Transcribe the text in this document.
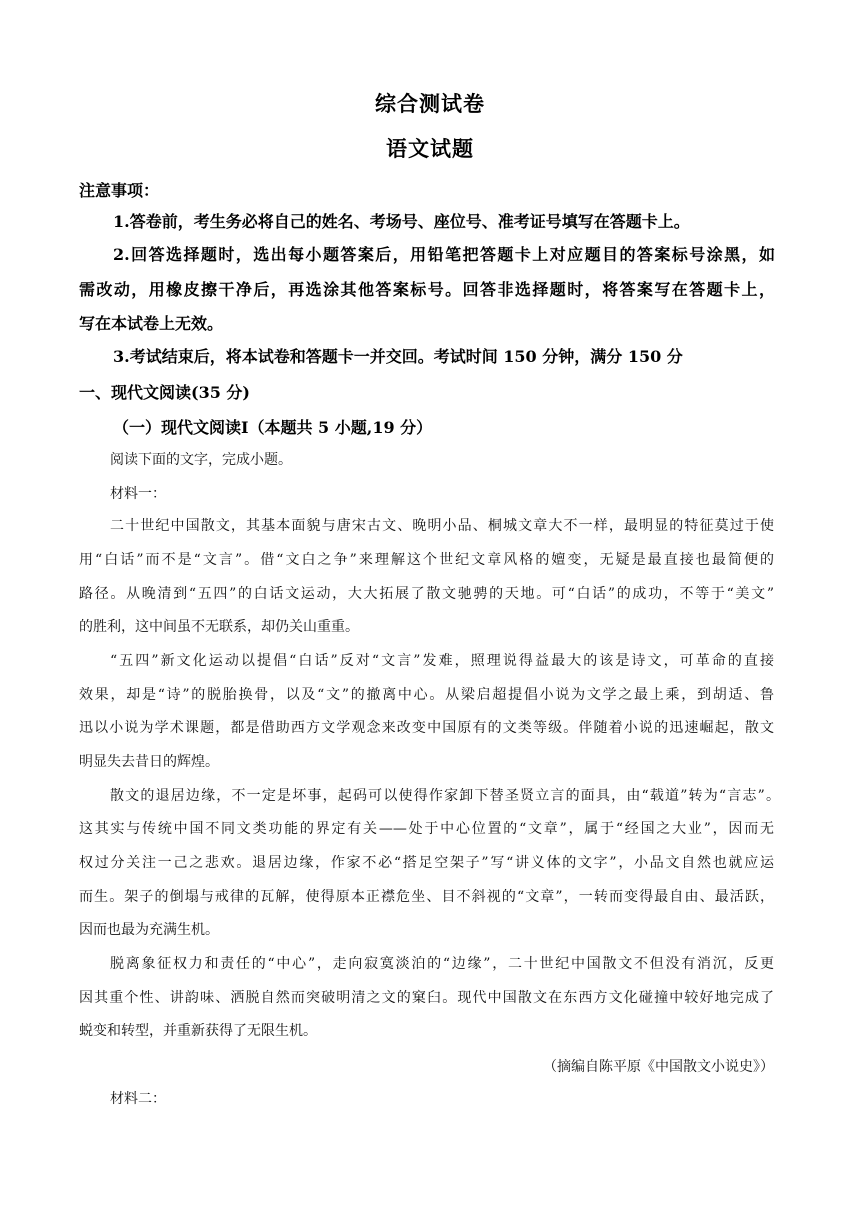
综合测试卷
语文试题
注意事项：
1.答卷前，考生务必将自己的姓名、考场号、座位号、准考证号填写在答题卡上。
2.回答选择题时，选出每小题答案后，用铅笔把答题卡上对应题目的答案标号涂黑，如
需改动，用橡皮擦干净后，再选涂其他答案标号。回答非选择题时，将答案写在答题卡上，
写在本试卷上无效。
3.考试结束后，将本试卷和答题卡一并交回。考试时间 150 分钟，满分 150 分
一、现代文阅读(35 分)
（一）现代文阅读Ⅰ（本题共 5 小题,19 分）
阅读下面的文字，完成小题。
材料一：
二十世纪中国散文，其基本面貌与唐宋古文、晚明小品、桐城文章大不一样，最明显的特征莫过于使
用“白话”而不是“文言”。借“文白之争”来理解这个世纪文章风格的嬗变，无疑是最直接也最简便的
路径。从晚清到“五四”的白话文运动，大大拓展了散文驰骋的天地。可“白话”的成功，不等于“美文”
的胜利，这中间虽不无联系，却仍关山重重。
“五四”新文化运动以提倡“白话”反对“文言”发难，照理说得益最大的该是诗文，可革命的直接
效果，却是“诗”的脱胎换骨，以及“文”的撤离中心。从梁启超提倡小说为文学之最上乘，到胡适、鲁
迅以小说为学术课题，都是借助西方文学观念来改变中国原有的文类等级。伴随着小说的迅速崛起，散文
明显失去昔日的辉煌。
散文的退居边缘，不一定是坏事，起码可以使得作家卸下替圣贤立言的面具，由“载道”转为“言志”。
这其实与传统中国不同文类功能的界定有关——处于中心位置的“文章”，属于“经国之大业”，因而无
权过分关注一己之悲欢。退居边缘，作家不必“搭足空架子”写“讲义体的文字”，小品文自然也就应运
而生。架子的倒塌与戒律的瓦解，使得原本正襟危坐、目不斜视的“文章”，一转而变得最自由、最活跃，
因而也最为充满生机。
脱离象征权力和责任的“中心”，走向寂寞淡泊的“边缘”，二十世纪中国散文不但没有消沉，反更
因其重个性、讲韵味、洒脱自然而突破明清之文的窠臼。现代中国散文在东西方文化碰撞中较好地完成了
蜕变和转型，并重新获得了无限生机。
（摘编自陈平原《中国散文小说史》）
材料二：
